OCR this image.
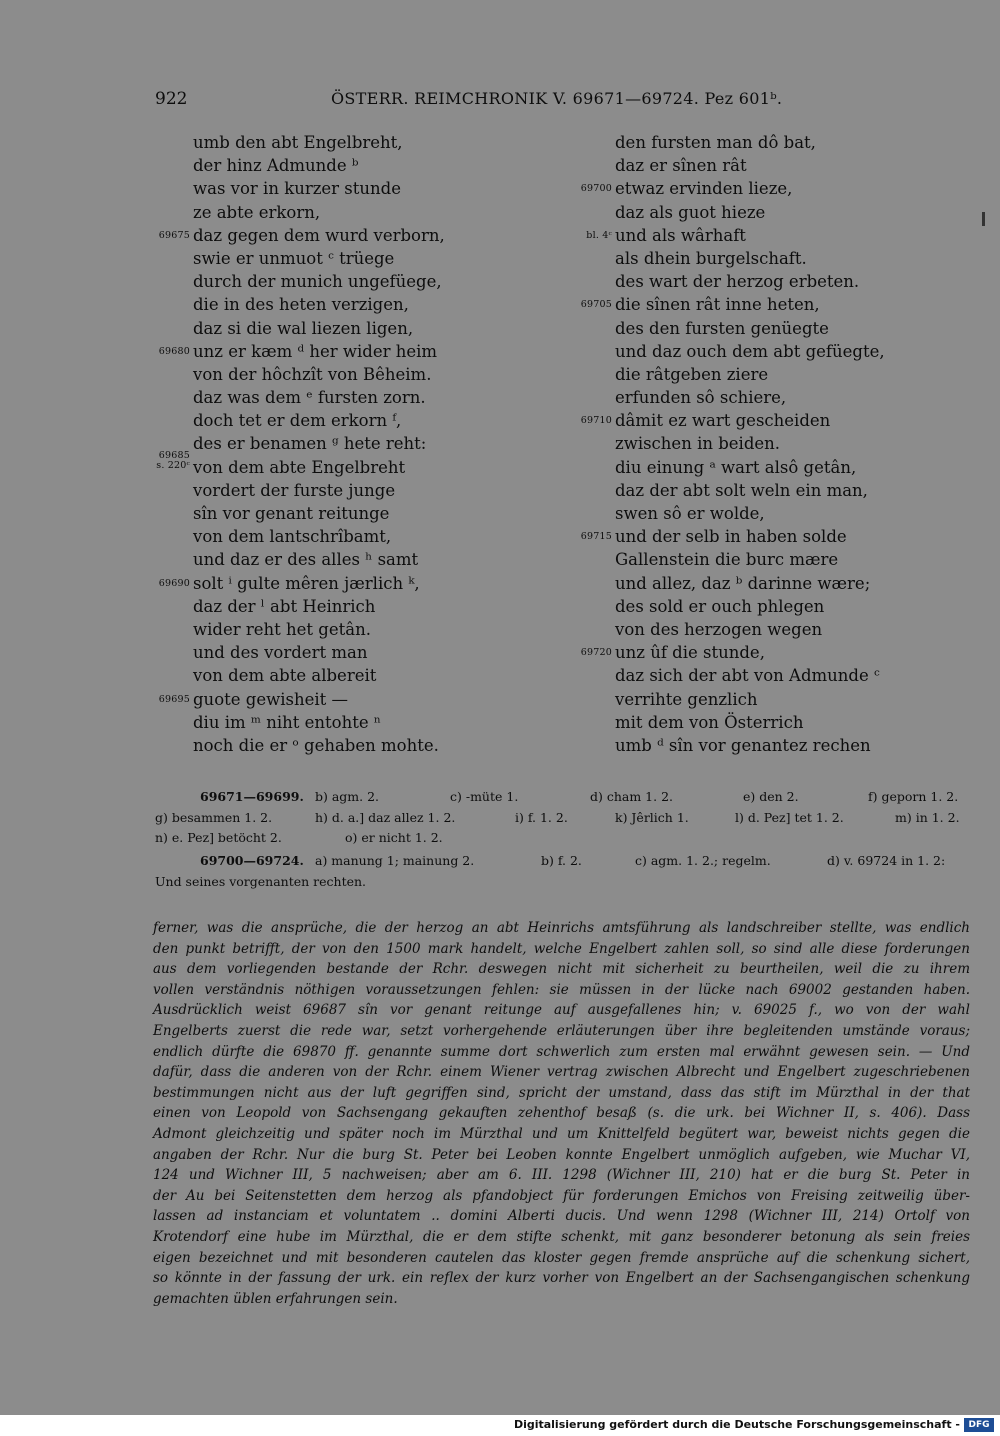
922	ÖSTERR. REIMCHRONIK V. 69671—69724. Pez 601ᵇ.
umb den abt Engelbreht,
der hinz Admunde ᵇ
was vor in kurzer stunde
ze abte erkorn,
69675 daz gegen dem wurd verborn,
swie er unmuot ᶜ trüege
durch der munich ungefüege,
die in des heten verzigen,
daz si die wal liezen ligen,
69680 unz er kæm ᵈ her wider heim
von der hôchzît von Bêheim.
daz was dem ᵉ fursten zorn.
doch tet er dem erkorn ᶠ,
des er benamen ᵍ hete reht:
69685
s. 220ᶜ von dem abte Engelbreht
vordert der furste junge
sîn vor genant reitunge
von dem lantschrîbamt,
und daz er des alles ʰ samt
69690 solt ⁱ gulte mêren jærlich ᵏ,
daz der ˡ abt Heinrich
wider reht het getân.
und des vordert man
von dem abte albereit
69695 guote gewisheit —
diu im ᵐ niht entohte ⁿ
noch die er ᵒ gehaben mohte.
den fursten man dô bat,
daz er sînen rât
69700 etwaz ervinden lieze,
daz als guot hieze
bl. 4ᶜ und als wârhaft
als dhein burgelschaft.
des wart der herzog erbeten.
69705 die sînen rât inne heten,
des den fursten genüegte
und daz ouch dem abt gefüegte,
die râtgeben ziere
erfunden sô schiere,
69710 dâmit ez wart gescheiden
zwischen in beiden.
diu einung ᵃ wart alsô getân,
daz der abt solt weln ein man,
swen sô er wolde,
69715 und der selb in haben solde
Gallenstein die burc mære
und allez, daz ᵇ darinne wære;
des sold er ouch phlegen
von des herzogen wegen
69720 unz ûf die stunde,
daz sich der abt von Admunde ᶜ
verrihte genzlich
mit dem von Österrich
umb ᵈ sîn vor genantez rechen
69671—69699. b) agm. 2.	c) -müte 1.	d) cham 1. 2.	e) den 2.	f) geporn 1. 2.
g) besammen 1. 2.	h) d. a.] daz allez 1. 2.	i) f. 1. 2.	k) Jêrlich 1.	l) d. Pez] tet 1. 2.	m) in 1. 2.
n) e. Pez] betöcht 2.	o) er nicht 1. 2.
69700—69724. a) manung 1; mainung 2.	b) f. 2.	c) agm. 1. 2.; regelm.	d) v. 69724 in 1. 2:
Und seines vorgenanten rechten.
ferner, was die ansprüche, die der herzog an abt Heinrichs amtsführung als landschreiber stellte, was endlich
den punkt betrifft, der von den 1500 mark handelt, welche Engelbert zahlen soll, so sind alle diese forderungen
aus dem vorliegenden bestande der Rchr. deswegen nicht mit sicherheit zu beurtheilen, weil die zu ihrem
vollen verständnis nöthigen voraussetzungen fehlen: sie müssen in der lücke nach 69002 gestanden haben.
Ausdrücklich weist 69687 sîn vor genant reitunge auf ausgefallenes hin; v. 69025 f., wo von der wahl
Engelberts zuerst die rede war, setzt vorhergehende erläuterungen über ihre begleitenden umstände voraus;
endlich dürfte die 69870 ff. genannte summe dort schwerlich zum ersten mal erwähnt gewesen sein. — Und
dafür, dass die anderen von der Rchr. einem Wiener vertrag zwischen Albrecht und Engelbert zugeschriebenen
bestimmungen nicht aus der luft gegriffen sind, spricht der umstand, dass das stift im Mürzthal in der that
einen von Leopold von Sachsengang gekauften zehenthof besaß (s. die urk. bei Wichner II, s. 406). Dass
Admont gleichzeitig und später noch im Mürzthal und um Knittelfeld begütert war, beweist nichts gegen die
angaben der Rchr. Nur die burg St. Peter bei Leoben konnte Engelbert unmöglich aufgeben, wie Muchar VI,
124 und Wichner III, 5 nachweisen; aber am 6. III. 1298 (Wichner III, 210) hat er die burg St. Peter in
der Au bei Seitenstetten dem herzog als pfandobject für forderungen Emichos von Freising zeitweilig über-
lassen ad instanciam et voluntatem .. domini Alberti ducis. Und wenn 1298 (Wichner III, 214) Ortolf von
Krotendorf eine hube im Mürzthal, die er dem stifte schenkt, mit ganz besonderer betonung als sein freies
eigen bezeichnet und mit besonderen cautelen das kloster gegen fremde ansprüche auf die schenkung sichert,
so könnte in der fassung der urk. ein reflex der kurz vorher von Engelbert an der Sachsengangischen schenkung
gemachten üblen erfahrungen sein.
Digitalisierung gefördert durch die Deutsche Forschungsgemeinschaft - DFG
